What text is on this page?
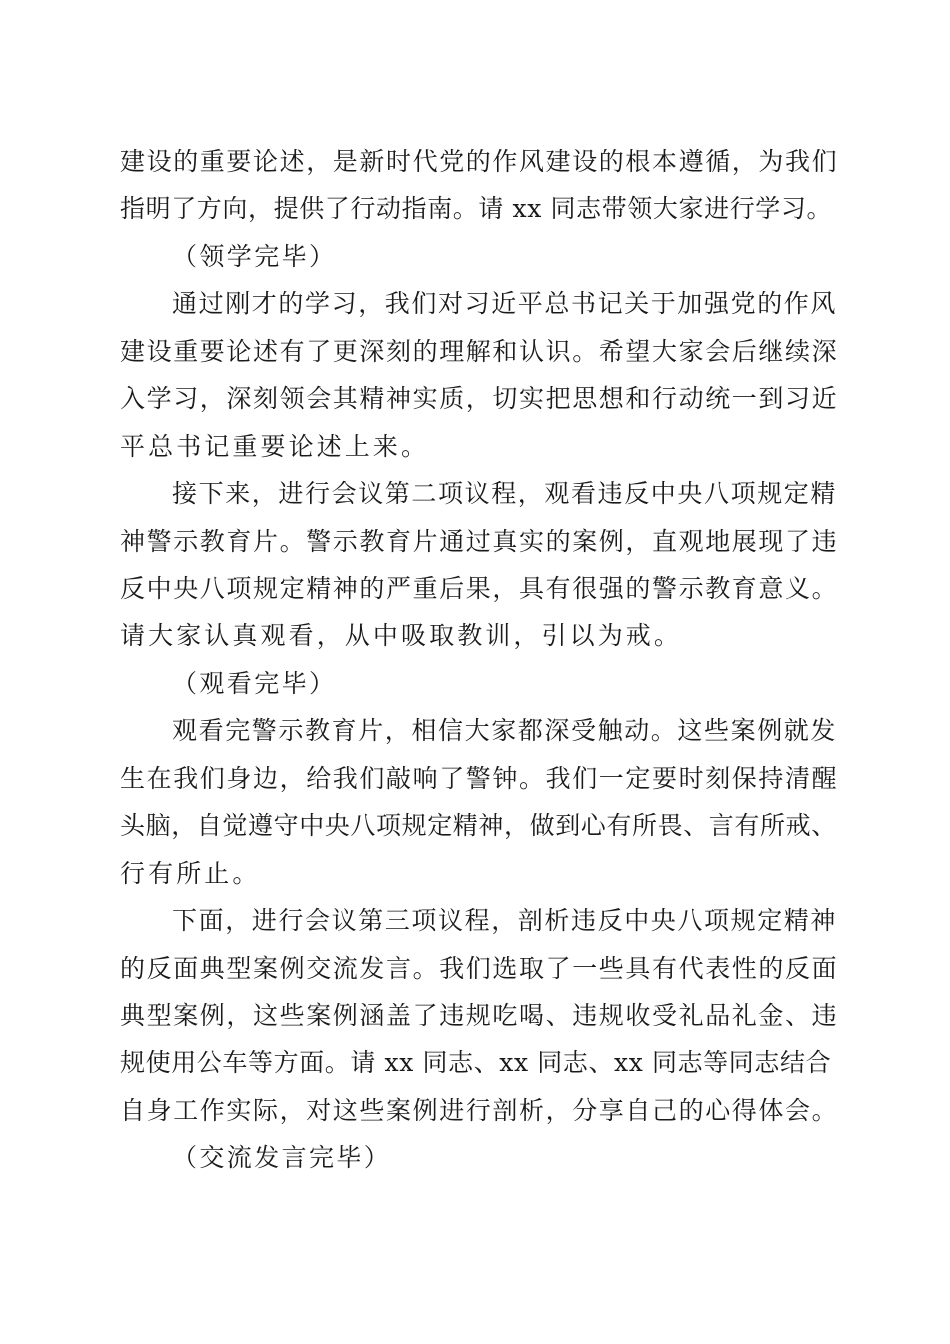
建设的重要论述，是新时代党的作风建设的根本遵循，为我们
指明了方向，提供了行动指南。请 xx 同志带领大家进行学习。
（领学完毕）
通过刚才的学习，我们对习近平总书记关于加强党的作风
建设重要论述有了更深刻的理解和认识。希望大家会后继续深
入学习，深刻领会其精神实质，切实把思想和行动统一到习近
平总书记重要论述上来。
接下来，进行会议第二项议程，观看违反中央八项规定精
神警示教育片。警示教育片通过真实的案例，直观地展现了违
反中央八项规定精神的严重后果，具有很强的警示教育意义。
请大家认真观看，从中吸取教训，引以为戒。
（观看完毕）
观看完警示教育片，相信大家都深受触动。这些案例就发
生在我们身边，给我们敲响了警钟。我们一定要时刻保持清醒
头脑，自觉遵守中央八项规定精神，做到心有所畏、言有所戒、
行有所止。
下面，进行会议第三项议程，剖析违反中央八项规定精神
的反面典型案例交流发言。我们选取了一些具有代表性的反面
典型案例，这些案例涵盖了违规吃喝、违规收受礼品礼金、违
规使用公车等方面。请 xx 同志、xx 同志、xx 同志等同志结合
自身工作实际，对这些案例进行剖析，分享自己的心得体会。
（交流发言完毕）
